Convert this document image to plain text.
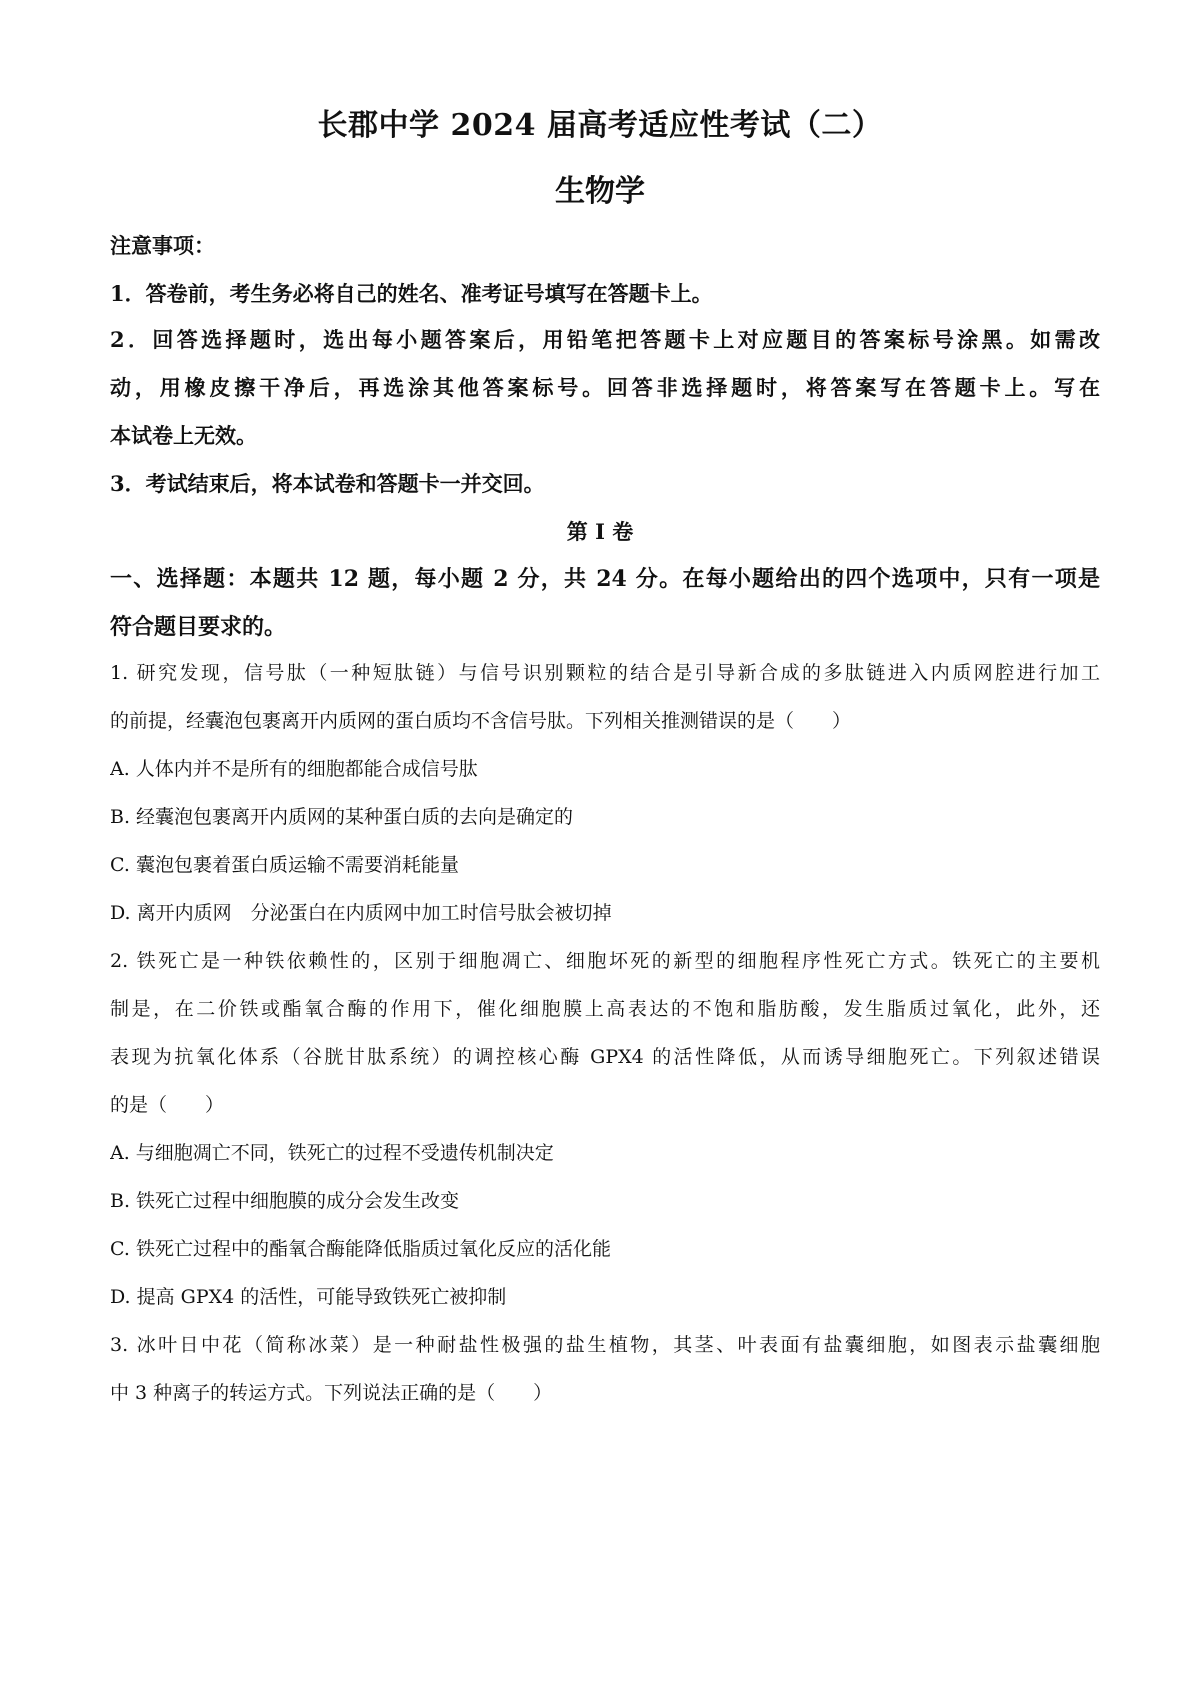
长郡中学 2024 届高考适应性考试（二）
生物学
注意事项：
1．答卷前，考生务必将自己的姓名、准考证号填写在答题卡上。
2．回答选择题时，选出每小题答案后，用铅笔把答题卡上对应题目的答案标号涂黑。如需改
动，用橡皮擦干净后，再选涂其他答案标号。回答非选择题时，将答案写在答题卡上。写在
本试卷上无效。
3．考试结束后，将本试卷和答题卡一并交回。
第 I 卷
一、选择题：本题共 12 题，每小题 2 分，共 24 分。在每小题给出的四个选项中，只有一项是
符合题目要求的。
1. 研究发现，信号肽（一种短肽链）与信号识别颗粒的结合是引导新合成的多肽链进入内质网腔进行加工
的前提，经囊泡包裹离开内质网的蛋白质均不含信号肽。下列相关推测错误的是（　　）
A. 人体内并不是所有的细胞都能合成信号肽
B. 经囊泡包裹离开内质网的某种蛋白质的去向是确定的
C. 囊泡包裹着蛋白质运输不需要消耗能量
D. 离开内质网　分泌蛋白在内质网中加工时信号肽会被切掉
2. 铁死亡是一种铁依赖性的，区别于细胞凋亡、细胞坏死的新型的细胞程序性死亡方式。铁死亡的主要机
制是，在二价铁或酯氧合酶的作用下，催化细胞膜上高表达的不饱和脂肪酸，发生脂质过氧化，此外，还
表现为抗氧化体系（谷胱甘肽系统）的调控核心酶 GPX4 的活性降低，从而诱导细胞死亡。下列叙述错误
的是（　　）
A. 与细胞凋亡不同，铁死亡的过程不受遗传机制决定
B. 铁死亡过程中细胞膜的成分会发生改变
C. 铁死亡过程中的酯氧合酶能降低脂质过氧化反应的活化能
D. 提高 GPX4 的活性，可能导致铁死亡被抑制
3. 冰叶日中花（简称冰菜）是一种耐盐性极强的盐生植物，其茎、叶表面有盐囊细胞，如图表示盐囊细胞
中 3 种离子的转运方式。下列说法正确的是（　　）
